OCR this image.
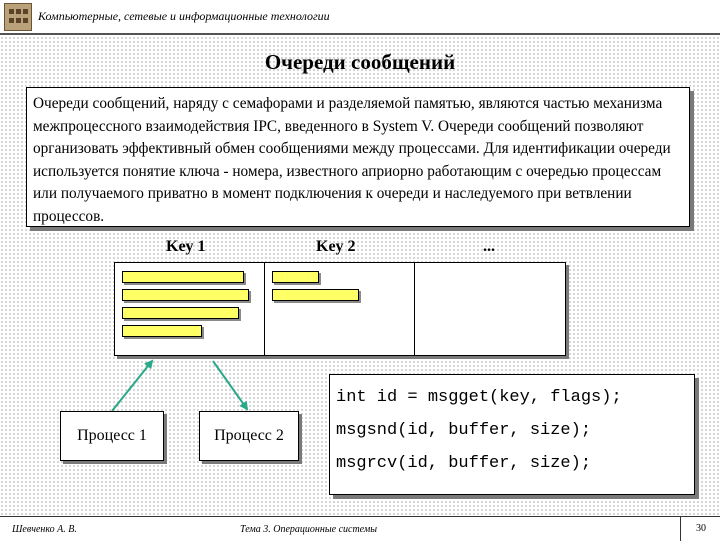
Компьютерные, сетевые и информационные технологии
Очереди сообщений
Очереди сообщений, наряду с семафорами и разделяемой памятью, являются частью механизма межпроцессного взаимодействия IPC, введенного в System V. Очереди сообщений позволяют организовать эффективный обмен сообщениями между процессами. Для идентификации очереди используется понятие ключа - номера, известного априорно работающим с очередью процессам или получаемого приватно в момент подключения к очереди и наследуемого при ветвлении процессов.
Key 1	Key 2	...
Процесс 1	Процесс 2
int id = msgget(key, flags);
msgsnd(id, buffer, size);
msgrcv(id, buffer, size);
Шевченко А. В.	Тема 3. Операционные системы	30
